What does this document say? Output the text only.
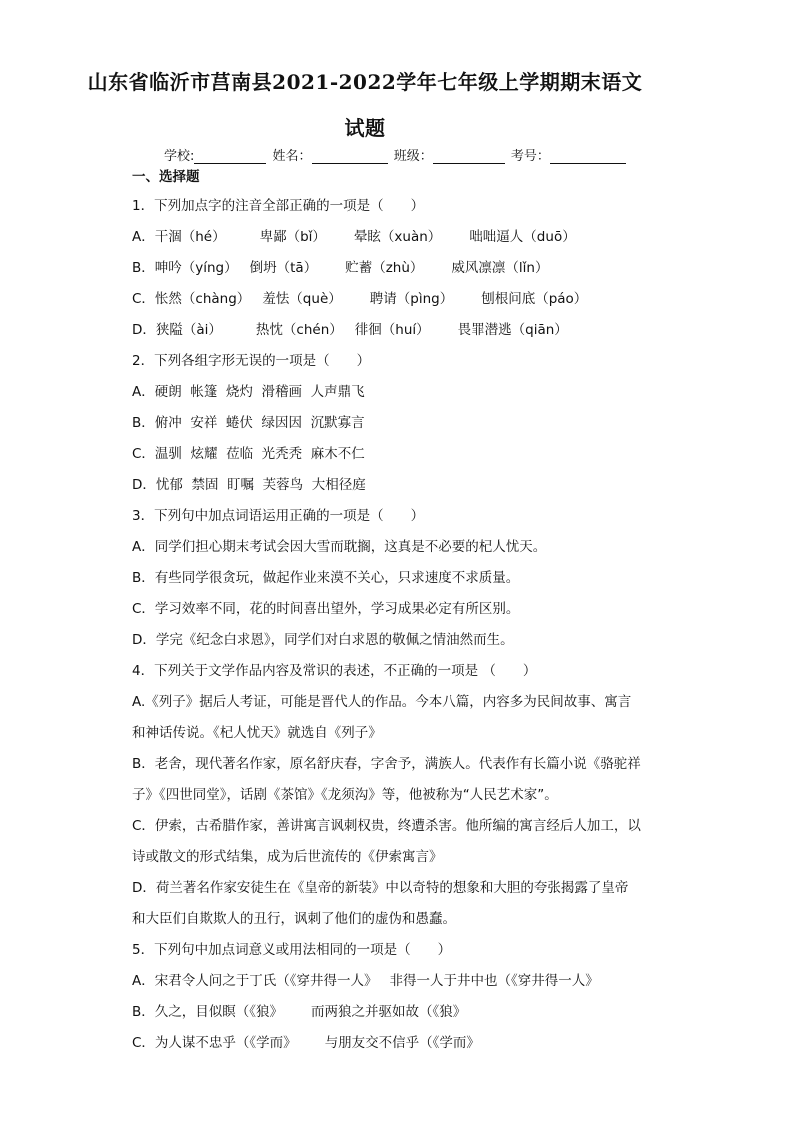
山东省临沂市莒南县2021-2022学年七年级上学期期末语文
试题
学校:	姓名：	班级：	考号：
一、选择题
1．下列加点字的注音全部正确的一项是（　　）
A．干涸（hé）	卑鄙（bǐ） 晕眩（xuàn） 咄咄逼人（duō）
B．呻吟（yíng） 倒坍（tā） 贮蓄（zhù） 威风凛凛（lǐn）
C．怅然（chàng） 羞怯（què） 聘请（pìng） 刨根问底（páo）
D．狭隘（ài）	热忱（chén） 徘徊（huí） 畏罪潜逃（qiān）
2．下列各组字形无误的一项是（　　）
A．硬朗  帐篷  烧灼  滑稽画  人声鼎飞
B．俯冲  安祥  蜷伏  绿因因  沉默寡言
C．温驯  炫耀  莅临  光秃秃  麻木不仁
D．忧郁  禁固  盯嘱  芙蓉鸟  大相径庭
3．下列句中加点词语运用正确的一项是（　　）
A．同学们担心期末考试会因大雪而耽搁，这真是不必要的杞人忧天。
B．有些同学很贪玩，做起作业来漠不关心，只求速度不求质量。
C．学习效率不同，花的时间喜出望外，学习成果必定有所区别。
D．学完《纪念白求恩》，同学们对白求恩的敬佩之情油然而生。
4．下列关于文学作品内容及常识的表述，不正确的一项是 （　　）
A.《列子》据后人考证，可能是晋代人的作品。今本八篇，内容多为民间故事、寓言
和神话传说。《杞人忧天》就选自《列子》
B．老舍，现代著名作家，原名舒庆春，字舍予，满族人。代表作有长篇小说《骆驼祥
子》《四世同堂》，话剧《茶馆》《龙须沟》等，他被称为“人民艺术家”。
C．伊索，古希腊作家，善讲寓言讽刺权贵，终遭杀害。他所编的寓言经后人加工，以
诗或散文的形式结集，成为后世流传的《伊索寓言》
D．荷兰著名作家安徒生在《皇帝的新装》中以奇特的想象和大胆的夸张揭露了皇帝
和大臣们自欺欺人的丑行，讽刺了他们的虚伪和愚蠢。
5．下列句中加点词意义或用法相同的一项是（　　）
A．宋君令人问之于丁氏（《穿井得一人》 非得一人于井中也（《穿井得一人》
B．久之，目似瞑（《狼》 而两狼之并驱如故（《狼》
C．为人谋不忠乎（《学而》 与朋友交不信乎（《学而》
